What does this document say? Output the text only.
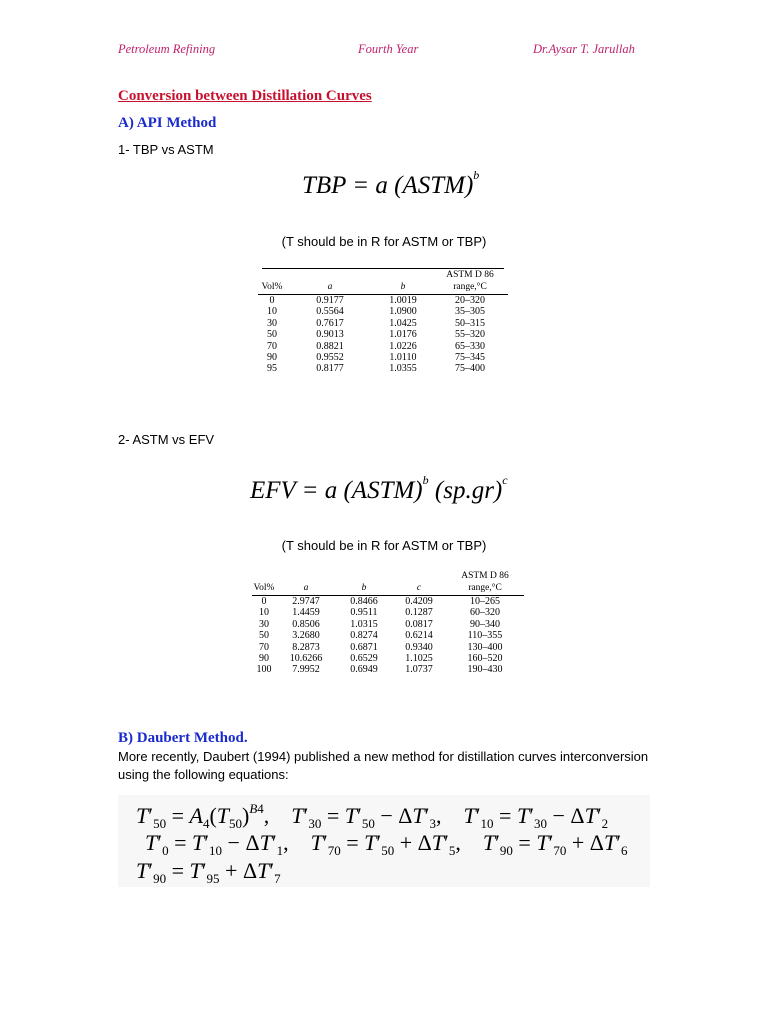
Petroleum Refining	Fourth Year	Dr.Aysar T. Jarullah
Conversion between Distillation Curves
A) API Method
1- TBP vs ASTM
TBP = a (ASTM)$^b$
(T should be in R for ASTM or TBP)
			ASTM D 86
Vol%	a	b	range,°C
0	0.9177	1.0019	20–320
10	0.5564	1.0900	35–305
30	0.7617	1.0425	50–315
50	0.9013	1.0176	55–320
70	0.8821	1.0226	65–330
90	0.9552	1.0110	75–345
95	0.8177	1.0355	75–400
2- ASTM vs EFV
EFV = a (ASTM)$^b$ $(sp.gr)^c$
(T should be in R for ASTM or TBP)
				ASTM D 86
Vol%	a	b	c	range,°C
0	2.9747	0.8466	0.4209	10–265
10	1.4459	0.9511	0.1287	60–320
30	0.8506	1.0315	0.0817	90–340
50	3.2680	0.8274	0.6214	110–355
70	8.2873	0.6871	0.9340	130–400
90	10.6266	0.6529	1.1025	160–520
100	7.9952	0.6949	1.0737	190–430
B) Daubert Method.
More recently, Daubert (1994) published a new method for distillation curves interconversion
using the following equations:
$T'_{50} = A_4(T_{50})^{B4}$,    $T'_{30} = T'_{50} - \Delta T'_3$,    $T'_{10} = T'_{30} - \Delta T'_2$
$T'_0 = T'_{10} - \Delta T'_1$,    $T'_{70} = T'_{50} + \Delta T'_5$,    $T'_{90} = T'_{70} + \Delta T'_6$
$T'_{90} = T'_{95} + \Delta T'_7$
